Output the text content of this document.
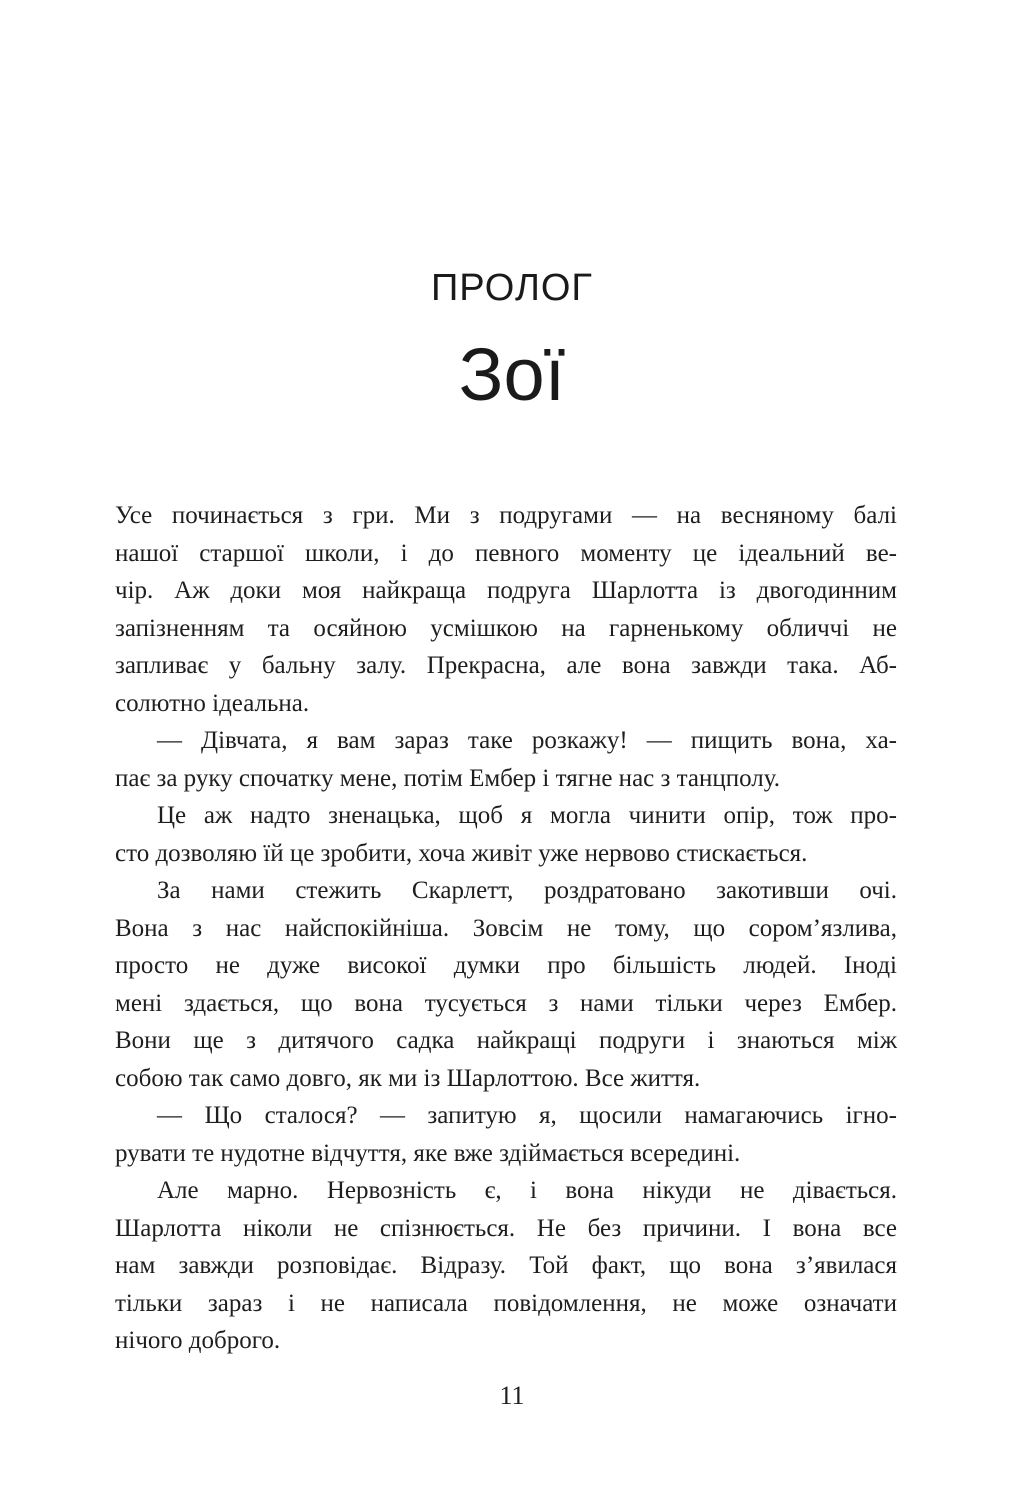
ПРОЛОГ
Зої
Усе починається з гри. Ми з подругами — на весняному балі
нашої старшої школи, і до певного моменту це ідеальний ве-
чір. Аж доки моя найкраща подруга Шарлотта із двогодинним
запізненням та осяйною усмішкою на гарненькому обличчі не
запливає у бальну залу. Прекрасна, але вона завжди така. Аб-
солютно ідеальна.
— Дівчата, я вам зараз таке розкажу! — пищить вона, ха-
пає за руку спочатку мене, потім Ембер і тягне нас з танцполу.
Це аж надто зненацька, щоб я могла чинити опір, тож про-
сто дозволяю їй це зробити, хоча живіт уже нервово стискається.
За нами стежить Скарлетт, роздратовано закотивши очі.
Вона з нас найспокійніша. Зовсім не тому, що сором’язлива,
просто не дуже високої думки про більшість людей. Іноді
мені здається, що вона тусується з нами тільки через Ембер.
Вони ще з дитячого садка найкращі подруги і знаються між
собою так само довго, як ми із Шарлоттою. Все життя.
— Що сталося? — запитую я, щосили намагаючись ігно-
рувати те нудотне відчуття, яке вже здіймається всередині.
Але марно. Нервозність є, і вона нікуди не дівається.
Шарлотта ніколи не спізнюється. Не без причини. І вона все
нам завжди розповідає. Відразу. Той факт, що вона з’явилася
тільки зараз і не написала повідомлення, не може означати
нічого доброго.
11
